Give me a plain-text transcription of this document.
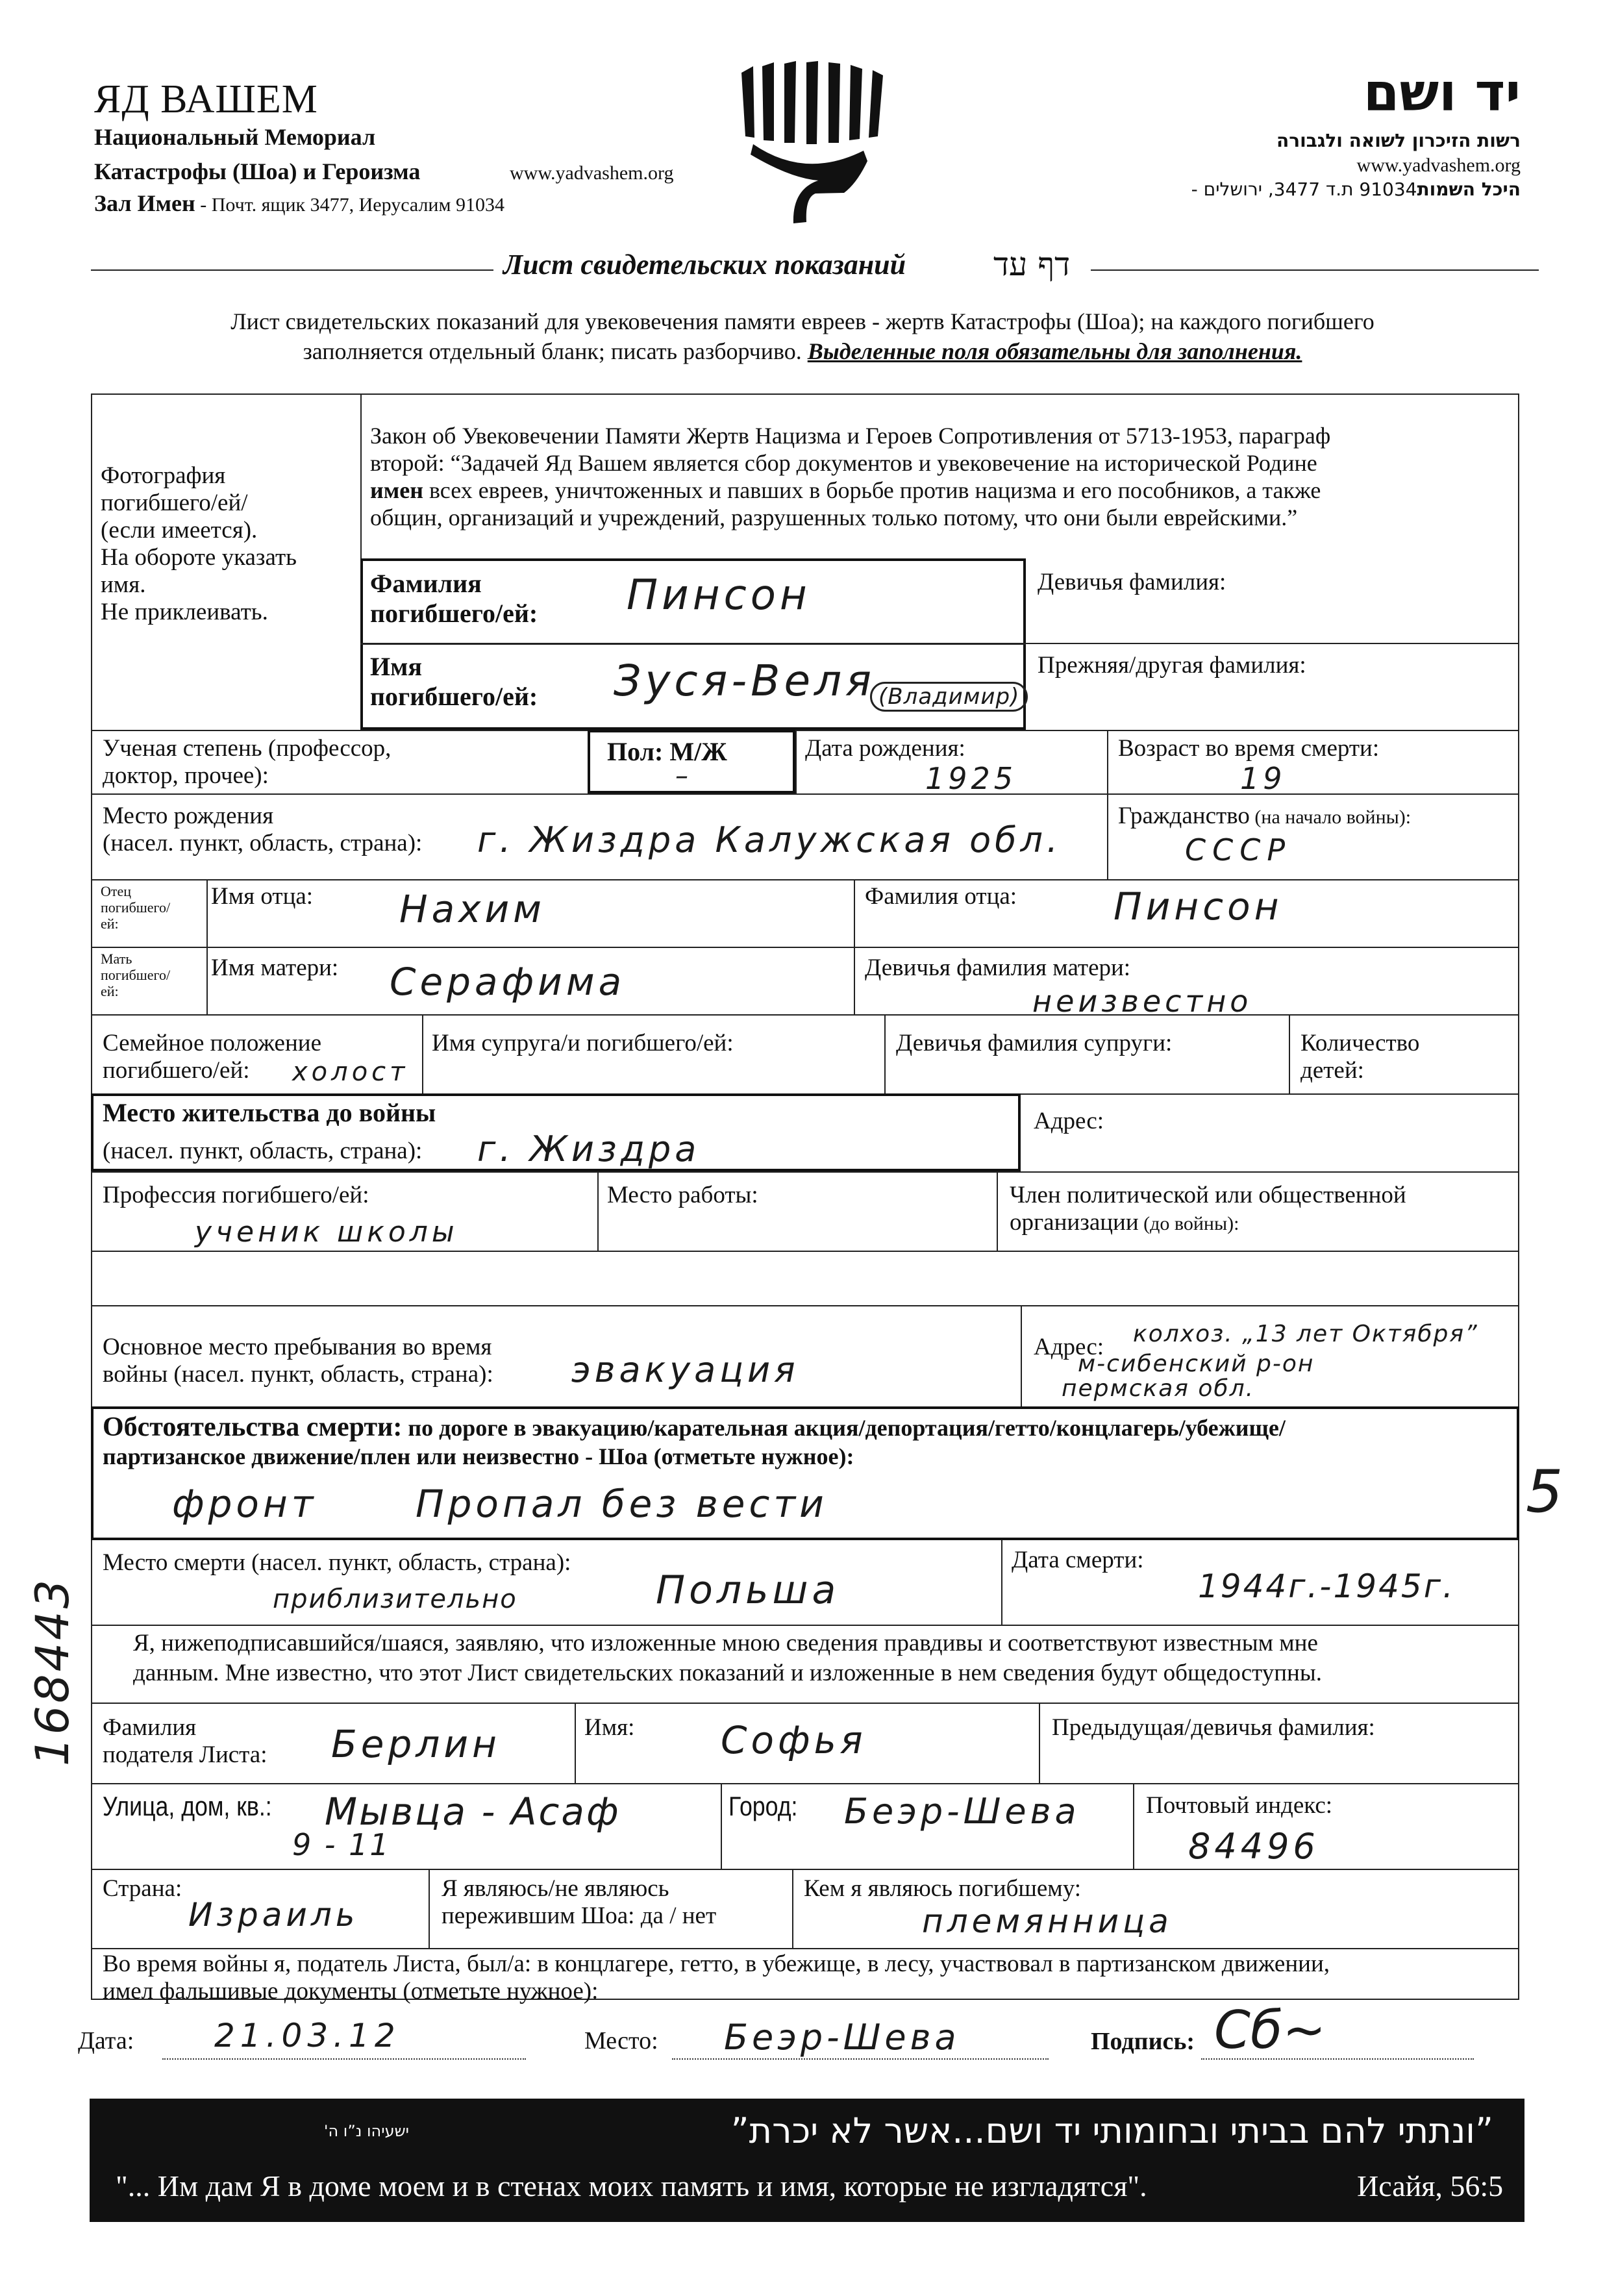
ЯД ВАШЕМ
Национальный Мемориал
Катастрофы (Шоа) и Героизма	www.yadvashem.org
Зал Имен - Почт. ящик 3477, Иерусалим 91034
יד ושם
רשות הזיכרון לשואה ולגבורה
www.yadvashem.org
היכל השמות91034 ת.ד 3477, ירושלים -
Лист свидетельских показаний	דף עד
Лист свидетельских показаний для увековечения памяти евреев - жертв Катастрофы (Шоа); на каждого погибшего
заполняется отдельный бланк; писать разборчиво. Выделенные поля обязательны для заполнения.
Фотография
погибшего/ей/
(если имеется).
На обороте указать
имя.
Не приклеивать.
Закон об Увековечении Памяти Жертв Нацизма и Героев Сопротивления от 5713-1953, параграф
второй: “Задачей Яд Вашем является сбор документов и увековечение на исторической Родине
имен всех евреев, уничтоженных и павших в борьбе против нацизма и его пособников, а также
общин, организаций и учреждений, разрушенных только потому, что они были еврейскими.”
Фамилия
погибшего/ей: Пинсон	Девичья фамилия:
Имя
погибшего/ей: Зуся-Веля (Владимир)
Прежняя/другая фамилия:
Ученая степень (профессор,
доктор, прочее):
Пол: М/Ж
–
Дата рождения:
1925
Возраст во время смерти:
19
Место рождения
(насел. пункт, область, страна): г. Жиздра Калужская обл.
Гражданство (на начало войны):
СССР
Отец
погибшего/
ей:
Имя отца: Нахим	Фамилия отца:	Пинсон
Мать
погибшего/
ей:
Имя матери: Серафима	Девичья фамилия матери:
неизвестно
Семейное положение
погибшего/ей:	холост
Имя супруга/и погибшего/ей:	Девичья фамилия супруги:	Количество
детей:
Место жительства до войны
(насел. пункт, область, страна): г. Жиздра
Адрес:
Профессия погибшего/ей:
ученик школы
Место работы:	Член политической или общественной
организации (до войны):
Основное место пребывания во время
войны (насел. пункт, область, страна): эвакуация
Адрес: колхоз. „13 лет Октября”
м-сибенский р-он
пермская обл.
Обстоятельства смерти: по дороге в эвакуацию/карательная акция/депортация/гетто/концлагерь/убежище/
партизанское движение/плен или неизвестно - Шоа (отметьте нужное):
фронт	Пропал без вести	5
Место смерти (насел. пункт, область, страна):
приблизительно	Польша
Дата смерти:
1944г.-1945г.
Я, нижеподписавшийся/шаяся, заявляю, что изложенные мною сведения правдивы и соответствуют известным мне
данным. Мне известно, что этот Лист свидетельских показаний и изложенные в нем сведения будут общедоступны.
168443 Фамилия
подателя Листа: Берлин	Имя: Софья	Предыдущая/девичья фамилия:
Улица, дом, кв.: Мывца - Асаф
9 - 11
Город: Беэр-Шева	Почтовый индекс:
84496
Страна:
Израиль
Я являюсь/не являюсь
пережившим Шоа: да / нет
Кем я являюсь погибшему:
племянница
Во время войны я, податель Листа, был/а: в концлагере, гетто, в убежище, в лесу, участвовал в партизанском движении,
имел фальшивые документы (отметьте нужное):
Дата: 21.03.12	Место: Беэр-Шева	Подпись: Сб~
”ונתתי להם בביתי ובחומותי יד ושם...אשר לא יכרת”
ישעיהו נ”ו ה'
"... Им дам Я в доме моем и в стенах моих память и имя, которые не изгладятся".	Исайя, 56:5
